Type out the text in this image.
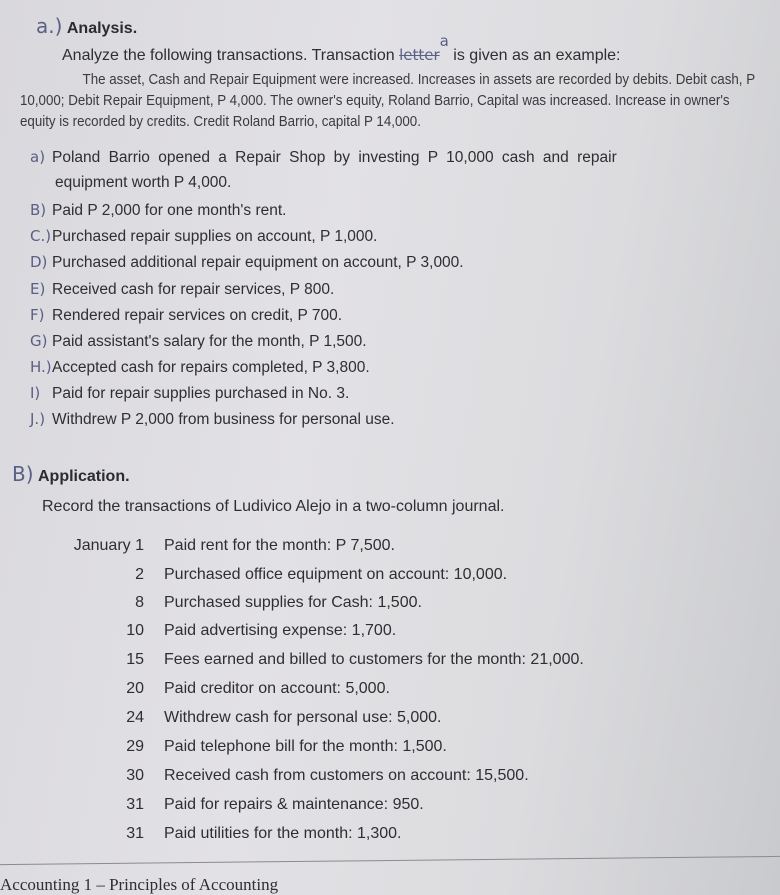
a.) Analysis.
Analyze the following transactions. Transaction lettera is given as an example:
The asset, Cash and Repair Equipment were increased. Increases in assets are recorded by debits. Debit cash, P 10,000; Debit Repair Equipment, P 4,000. The owner's equity, Roland Barrio, Capital was increased. Increase in owner's equity is recorded by credits. Credit Roland Barrio, capital P 14,000.
a) Poland Barrio opened a Repair Shop by investing P 10,000 cash and repair
equipment worth P 4,000.
B) Paid P 2,000 for one month's rent.
C.)Purchased repair supplies on account, P 1,000.
D) Purchased additional repair equipment on account, P 3,000.
E) Received cash for repair services, P 800.
F) Rendered repair services on credit, P 700.
G) Paid assistant's salary for the month, P 1,500.
H.)Accepted cash for repairs completed, P 3,800.
I) Paid for repair supplies purchased in No. 3.
J.) Withdrew P 2,000 from business for personal use.
B) Application.
Record the transactions of Ludivico Alejo in a two-column journal.
January 1 Paid rent for the month: P 7,500.
2 Purchased office equipment on account: 10,000.
8 Purchased supplies for Cash: 1,500.
10 Paid advertising expense: 1,700.
15 Fees earned and billed to customers for the month: 21,000.
20 Paid creditor on account: 5,000.
24 Withdrew cash for personal use: 5,000.
29 Paid telephone bill for the month: 1,500.
30 Received cash from customers on account: 15,500.
31 Paid for repairs & maintenance: 950.
31 Paid utilities for the month: 1,300.
Accounting 1 – Principles of Accounting
